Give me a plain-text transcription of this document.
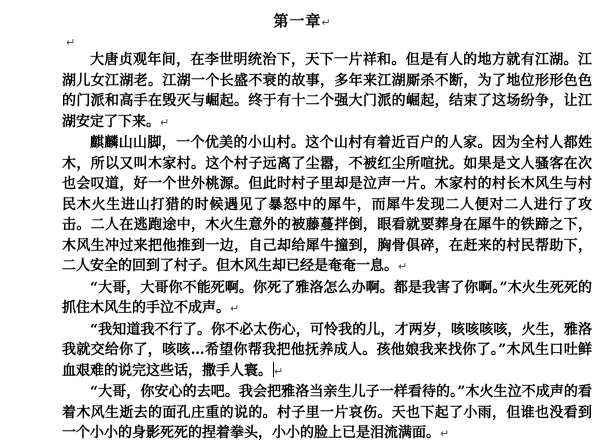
第一章↵
↵

大唐贞观年间，在李世明统治下，天下一片祥和。但是有人的地方就有江湖。江湖儿女江湖老。江湖一个长盛不衰的故事，多年来江湖厮杀不断，为了地位形形色色的门派和高手在毁灭与崛起。终于有十二个强大门派的崛起，结束了这场纷争，让江湖安定了下来。↵

麒麟山山脚，一个优美的小山村。这个山村有着近百户的人家。因为全村人都姓木，所以又叫木家村。这个村子远离了尘嚣，不被红尘所喧扰。如果是文人骚客在次也会叹道，好一个世外桃源。但此时村子里却是泣声一片。木家村的村长木风生与村民木火生进山打猎的时候遇见了暴怒中的犀牛，而犀牛发现二人便对二人进行了攻击。二人在逃跑途中，木火生意外的被藤蔓拌倒，眼看就要葬身在犀牛的铁蹄之下，木风生冲过来把他推到一边，自己却给犀牛撞到，胸骨俱碎，在赶来的村民帮助下，二人安全的回到了村子。但木风生却已经是奄奄一息。↵

“大哥，大哥你不能死啊。你死了雅洛怎么办啊。都是我害了你啊。”木火生死死的抓住木风生的手泣不成声。↵

“我知道我不行了。你不必太伤心，可怜我的儿，才两岁，咳咳咳咳，火生，雅洛我就交给你了，咳咳…希望你帮我把他抚养成人。孩他娘我来找你了。”木风生口吐鲜血艰难的说完这些话，撒手人寰。 ↵

“大哥，你安心的去吧。我会把雅洛当亲生儿子一样看待的。”木火生泣不成声的看着木风生逝去的面孔庄重的说的。村子里一片哀伤。天也下起了小雨，但谁也没看到一个小小的身影死死的捏着拳头，小小的脸上已是泪流满面。↵
